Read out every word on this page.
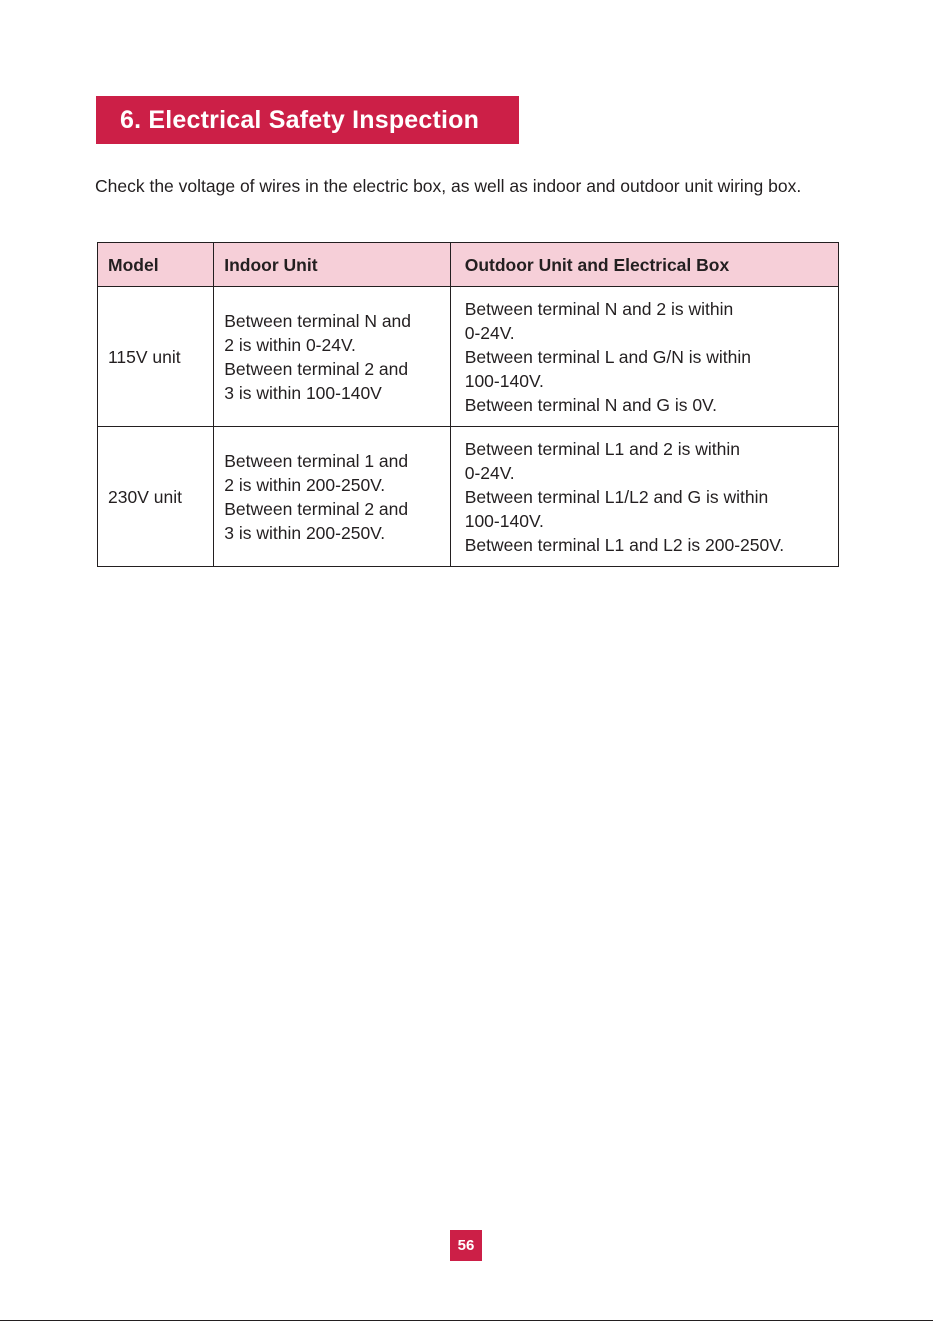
6. Electrical Safety Inspection

Check the voltage of wires in the electric box, as well as indoor and outdoor unit wiring box.

Model	Indoor Unit	Outdoor Unit and Electrical Box
115V unit	Between terminal N and
2 is within 0-24V.
Between terminal 2 and
3 is within 100-140V	Between terminal N and 2 is within
0-24V.
Between terminal L and G/N is within
100-140V.
Between terminal N and G is 0V.

230V unit	Between terminal 1 and
2 is within 200-250V.
Between terminal 2 and
3 is within 200-250V.	Between terminal L1 and 2 is within
0-24V.
Between terminal L1/L2 and G is within
100-140V.
Between terminal L1 and L2 is 200-250V.
56
